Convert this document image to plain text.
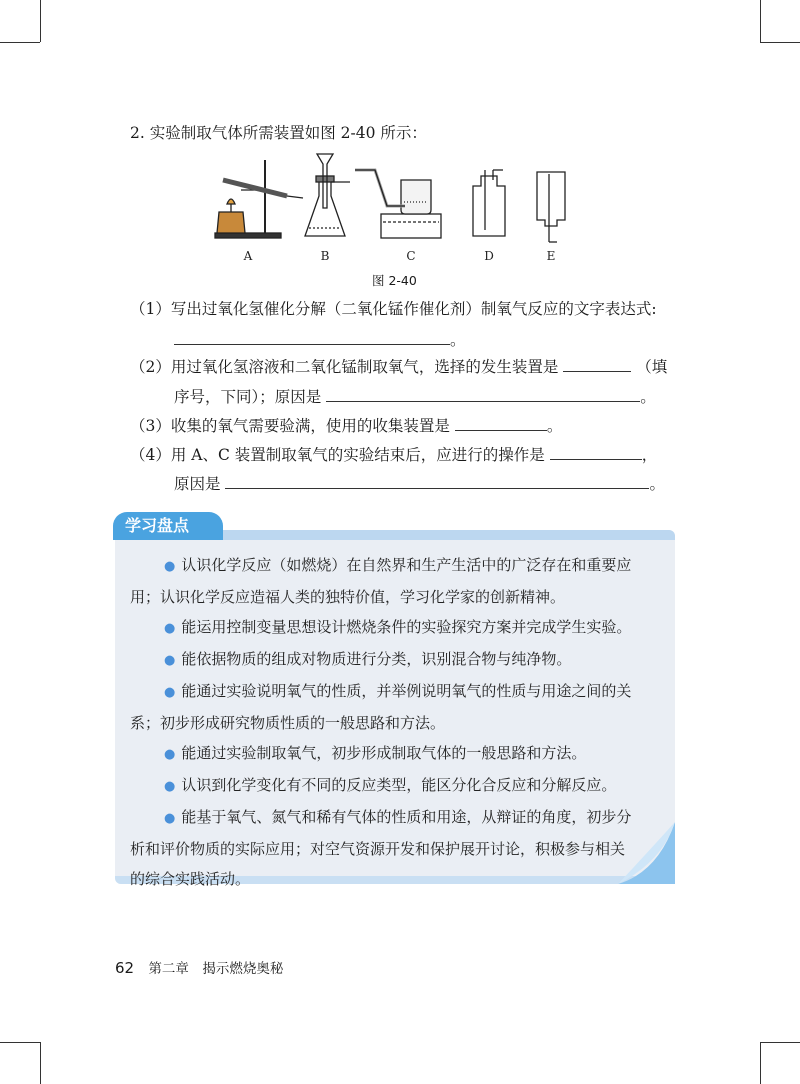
2. 实验制取气体所需装置如图 2-40 所示：
A	B	C	D	E
图 2-40
（1）写出过氧化氢催化分解（二氧化锰作催化剂）制氧气反应的文字表达式:
。
（2）用过氧化氢溶液和二氧化锰制取氧气，选择的发生装置是	（填
序号，下同）；原因是	。
（3）收集的氧气需要验满，使用的收集装置是	。
（4）用 A、C 装置制取氧气的实验结束后，应进行的操作是	，
原因是	。
学习盘点
● 认识化学反应（如燃烧）在自然界和生产生活中的广泛存在和重要应
用；认识化学反应造福人类的独特价值，学习化学家的创新精神。
● 能运用控制变量思想设计燃烧条件的实验探究方案并完成学生实验。
● 能依据物质的组成对物质进行分类，识别混合物与纯净物。
● 能通过实验说明氧气的性质，并举例说明氧气的性质与用途之间的关
系；初步形成研究物质性质的一般思路和方法。
● 能通过实验制取氧气，初步形成制取气体的一般思路和方法。
● 认识到化学变化有不同的反应类型，能区分化合反应和分解反应。
● 能基于氧气、氮气和稀有气体的性质和用途，从辩证的角度，初步分
析和评价物质的实际应用；对空气资源开发和保护展开讨论，积极参与相关
的综合实践活动。
62 第二章　揭示燃烧奥秘
